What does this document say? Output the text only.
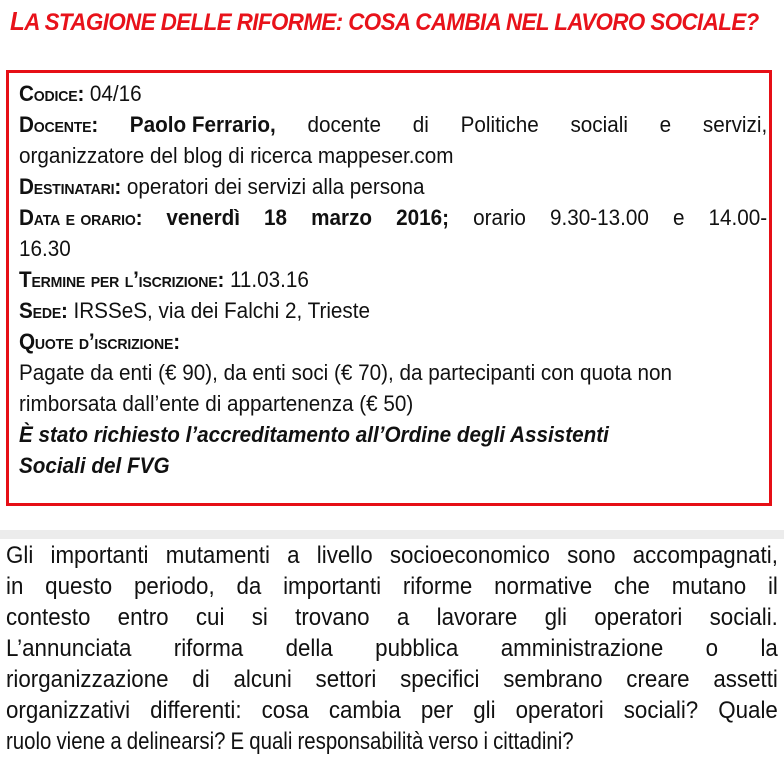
LA STAGIONE DELLE RIFORME: COSA CAMBIA NEL LAVORO SOCIALE?
Codice: 04/16
Docente: Paolo Ferrario, docente di Politiche sociali e servizi,
organizzatore del blog di ricerca mappeser.com
Destinatari: operatori dei servizi alla persona
Data e orario: venerdì 18 marzo 2016; orario 9.30-13.00 e 14.00-
16.30
Termine per l’iscrizione: 11.03.16
Sede: IRSSeS, via dei Falchi 2, Trieste
Quote d’iscrizione:
Pagate da enti (€ 90), da enti soci (€ 70), da partecipanti con quota non
rimborsata dall’ente di appartenenza (€ 50)
È stato richiesto l’accreditamento all’Ordine degli Assistenti
Sociali del FVG
Gli importanti mutamenti a livello socioeconomico sono accompagnati,
in questo periodo, da importanti riforme normative che mutano il
contesto entro cui si trovano a lavorare gli operatori sociali.
L’annunciata riforma della pubblica amministrazione o la
riorganizzazione di alcuni settori specifici sembrano creare assetti
organizzativi differenti: cosa cambia per gli operatori sociali? Quale
ruolo viene a delinearsi? E quali responsabilità verso i cittadini?
